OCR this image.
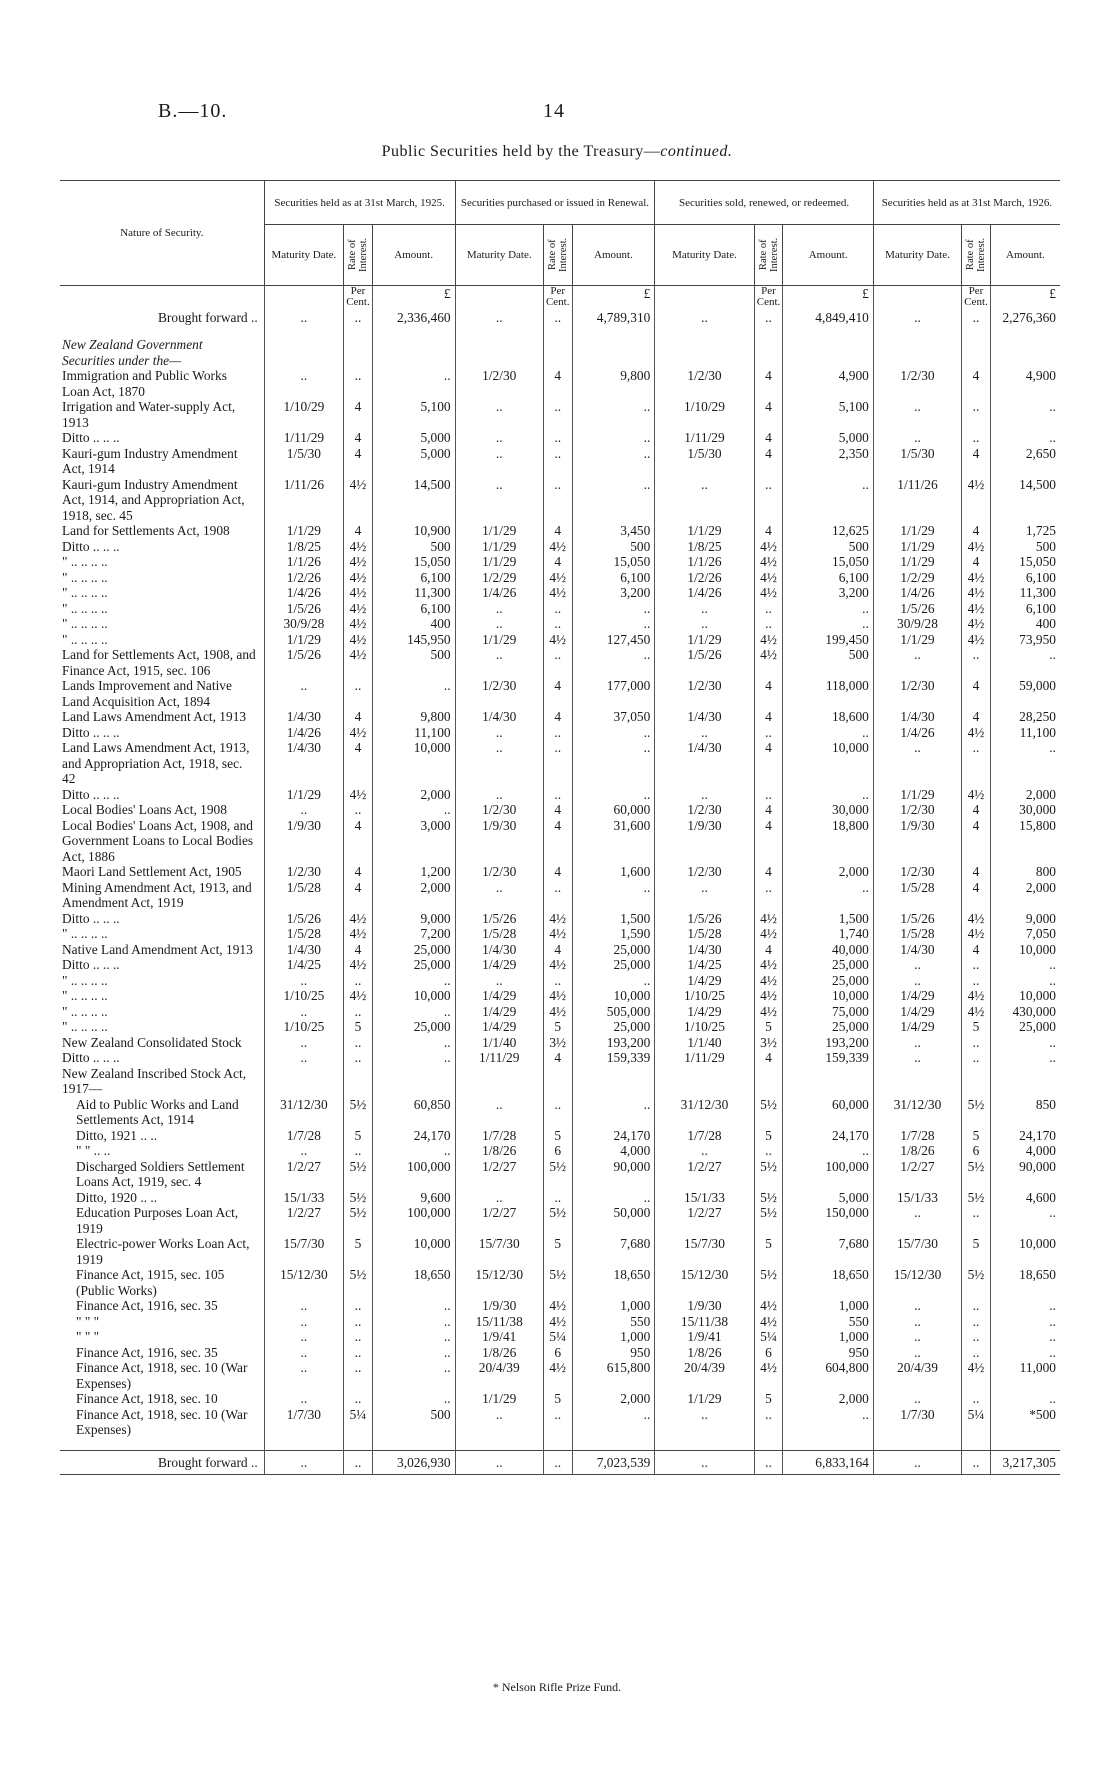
B.—10.	14
Public Securities held by the Treasury—continued.
Nature of Security.	Securities held as at 31st March, 1925.			Securities purchased or issued in Renewal.			Securities sold, renewed, or redeemed.			Securities held as at 31st March, 1926.		
	Maturity Date.	Rate of Interest.	Amount.	Maturity Date.	Rate of Interest.	Amount.	Maturity Date.	Rate of Interest.	Amount.	Maturity Date.	Rate of Interest.	Amount.
		Per Cent.	£		Per Cent.	£		Per Cent.	£		Per Cent.	£
Brought forward ..	..	..	2,336,460	..	..	4,789,310	..	..	4,849,410	..	..	2,276,360

New Zealand Government Securities under the—												
Immigration and Public Works Loan Act, 1870	..	..	..	1/2/30	4	9,800	1/2/30	4	4,900	1/2/30	4	4,900
Irrigation and Water-supply Act, 1913	1/10/29	4	5,100	..	..	..	1/10/29	4	5,100	..	..	..
Ditto .. .. ..	1/11/29	4	5,000	..	..	..	1/11/29	4	5,000	..	..	..
Kauri-gum Industry Amendment Act, 1914	1/5/30	4	5,000	..	..	..	1/5/30	4	2,350	1/5/30	4	2,650
Kauri-gum Industry Amendment Act, 1914, and Appropriation Act, 1918, sec. 45	1/11/26	4½	14,500	..	..	..	..	..	..	1/11/26	4½	14,500
Land for Settlements Act, 1908	1/1/29	4	10,900	1/1/29	4	3,450	1/1/29	4	12,625	1/1/29	4	1,725
Ditto .. .. ..	1/8/25	4½	500	1/1/29	4½	500	1/8/25	4½	500	1/1/29	4½	500
" .. .. .. ..	1/1/26	4½	15,050	1/1/29	4	15,050	1/1/26	4½	15,050	1/1/29	4	15,050
" .. .. .. ..	1/2/26	4½	6,100	1/2/29	4½	6,100	1/2/26	4½	6,100	1/2/29	4½	6,100
" .. .. .. ..	1/4/26	4½	11,300	1/4/26	4½	3,200	1/4/26	4½	3,200	1/4/26	4½	11,300
" .. .. .. ..	1/5/26	4½	6,100	..	..	..	..	..	..	1/5/26	4½	6,100
" .. .. .. ..	30/9/28	4½	400	..	..	..	..	..	..	30/9/28	4½	400
" .. .. .. ..	1/1/29	4½	145,950	1/1/29	4½	127,450	1/1/29	4½	199,450	1/1/29	4½	73,950
Land for Settlements Act, 1908, and Finance Act, 1915, sec. 106	1/5/26	4½	500	..	..	..	1/5/26	4½	500	..	..	..
Lands Improvement and Native Land Acquisition Act, 1894	..	..	..	1/2/30	4	177,000	1/2/30	4	118,000	1/2/30	4	59,000
Land Laws Amendment Act, 1913	1/4/30	4	9,800	1/4/30	4	37,050	1/4/30	4	18,600	1/4/30	4	28,250
Ditto .. .. ..	1/4/26	4½	11,100	..	..	..	..	..	..	1/4/26	4½	11,100
Land Laws Amendment Act, 1913, and Appropriation Act, 1918, sec. 42	1/4/30	4	10,000	..	..	..	1/4/30	4	10,000	..	..	..
Ditto .. .. ..	1/1/29	4½	2,000	..	..	..	..	..	..	1/1/29	4½	2,000
Local Bodies' Loans Act, 1908	..	..	..	1/2/30	4	60,000	1/2/30	4	30,000	1/2/30	4	30,000
Local Bodies' Loans Act, 1908, and Government Loans to Local Bodies Act, 1886	1/9/30	4	3,000	1/9/30	4	31,600	1/9/30	4	18,800	1/9/30	4	15,800
Maori Land Settlement Act, 1905	1/2/30	4	1,200	1/2/30	4	1,600	1/2/30	4	2,000	1/2/30	4	800
Mining Amendment Act, 1913, and Amendment Act, 1919	1/5/28	4	2,000	..	..	..	..	..	..	1/5/28	4	2,000
Ditto .. .. ..	1/5/26	4½	9,000	1/5/26	4½	1,500	1/5/26	4½	1,500	1/5/26	4½	9,000
" .. .. .. ..	1/5/28	4½	7,200	1/5/28	4½	1,590	1/5/28	4½	1,740	1/5/28	4½	7,050
Native Land Amendment Act, 1913	1/4/30	4	25,000	1/4/30	4	25,000	1/4/30	4	40,000	1/4/30	4	10,000
Ditto .. .. ..	1/4/25	4½	25,000	1/4/29	4½	25,000	1/4/25	4½	25,000	..	..	..
" .. .. .. ..	..	..	..	..	..	..	1/4/29	4½	25,000	..	..	..
" .. .. .. ..	1/10/25	4½	10,000	1/4/29	4½	10,000	1/10/25	4½	10,000	1/4/29	4½	10,000
" .. .. .. ..	..	..	..	1/4/29	4½	505,000	1/4/29	4½	75,000	1/4/29	4½	430,000
" .. .. .. ..	1/10/25	5	25,000	1/4/29	5	25,000	1/10/25	5	25,000	1/4/29	5	25,000
New Zealand Consolidated Stock	..	..	..	1/1/40	3½	193,200	1/1/40	3½	193,200	..	..	..
Ditto .. .. ..	..	..	..	1/11/29	4	159,339	1/11/29	4	159,339	..	..	..
New Zealand Inscribed Stock Act, 1917—												
Aid to Public Works and Land Settlements Act, 1914	31/12/30	5½	60,850	..	..	..	31/12/30	5½	60,000	31/12/30	5½	850
Ditto, 1921 .. ..	1/7/28	5	24,170	1/7/28	5	24,170	1/7/28	5	24,170	1/7/28	5	24,170
" " .. ..	..	..	..	1/8/26	6	4,000	..	..	..	1/8/26	6	4,000
Discharged Soldiers Settlement Loans Act, 1919, sec. 4	1/2/27	5½	100,000	1/2/27	5½	90,000	1/2/27	5½	100,000	1/2/27	5½	90,000
Ditto, 1920 .. ..	15/1/33	5½	9,600	..	..	..	15/1/33	5½	5,000	15/1/33	5½	4,600
Education Purposes Loan Act, 1919	1/2/27	5½	100,000	1/2/27	5½	50,000	1/2/27	5½	150,000	..	..	..
Electric-power Works Loan Act, 1919	15/7/30	5	10,000	15/7/30	5	7,680	15/7/30	5	7,680	15/7/30	5	10,000
Finance Act, 1915, sec. 105 (Public Works)	15/12/30	5½	18,650	15/12/30	5½	18,650	15/12/30	5½	18,650	15/12/30	5½	18,650
Finance Act, 1916, sec. 35	..	..	..	1/9/30	4½	1,000	1/9/30	4½	1,000	..	..	..
" " "	..	..	..	15/11/38	4½	550	15/11/38	4½	550	..	..	..
" " "	..	..	..	1/9/41	5¼	1,000	1/9/41	5¼	1,000	..	..	..
Finance Act, 1916, sec. 35	..	..	..	1/8/26	6	950	1/8/26	6	950	..	..	..
Finance Act, 1918, sec. 10 (War Expenses)	..	..	..	20/4/39	4½	615,800	20/4/39	4½	604,800	20/4/39	4½	11,000
Finance Act, 1918, sec. 10	..	..	..	1/1/29	5	2,000	1/1/29	5	2,000	..	..	..
Finance Act, 1918, sec. 10 (War Expenses)	1/7/30	5¼	500	..	..	..	..	..	..	1/7/30	5¼	*500

Brought forward ..	..	..	3,026,930	..	..	7,023,539	..	..	6,833,164	..	..	3,217,305
* Nelson Rifle Prize Fund.
